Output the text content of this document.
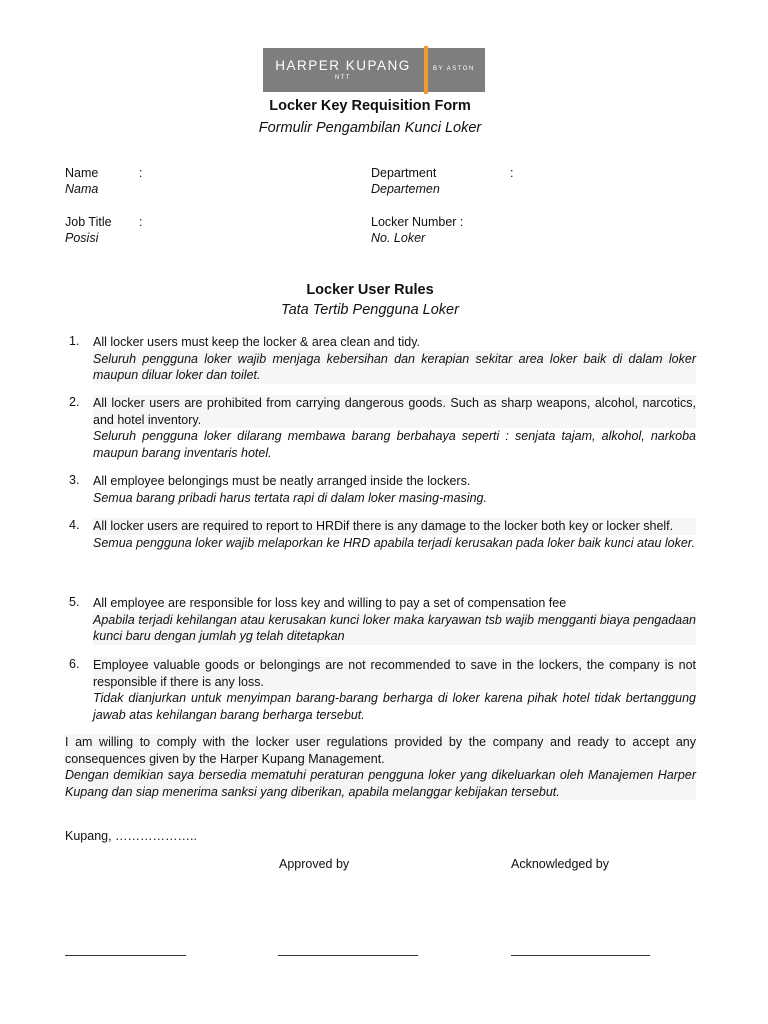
HARPER KUPANG
NTT
BY ASTON
Locker Key Requisition Form
Formulir Pengambilan Kunci Loker
Name	:
Nama
Department	:
Departemen
Job Title :
Posisi
Locker Number :
No. Loker
Locker User Rules
Tata Tertib Pengguna Loker
1.	All locker users must keep the locker & area clean and tidy.
Seluruh pengguna loker wajib menjaga kebersihan dan kerapian sekitar area loker baik di dalam loker maupun diluar loker dan toilet.
2.	All locker users are prohibited from carrying dangerous goods. Such as sharp weapons, alcohol, narcotics, and hotel inventory.
Seluruh pengguna loker dilarang membawa barang berbahaya seperti : senjata tajam, alkohol, narkoba maupun barang inventaris hotel.
3.	All employee belongings must be neatly arranged inside the lockers.
Semua barang pribadi harus tertata rapi di dalam loker masing-masing.
4.	All locker users are required to report to HRDif there is any damage to the locker both key or locker shelf.
Semua pengguna loker wajib melaporkan ke HRD apabila terjadi kerusakan pada loker baik kunci atau loker.
5.	All employee are responsible for loss key and willing to pay a set of compensation fee
Apabila terjadi kehilangan atau kerusakan kunci loker maka karyawan tsb wajib mengganti biaya pengadaan kunci baru dengan jumlah yg telah ditetapkan
6.	Employee valuable goods or belongings are not recommended to save in the lockers, the company is not responsible if there is any loss.
Tidak dianjurkan untuk menyimpan barang-barang berharga di loker karena pihak hotel tidak bertanggung jawab atas kehilangan barang berharga tersebut.
I am willing to comply with the locker user regulations provided by the company and ready to accept any consequences given by the Harper Kupang Management.
Dengan demikian saya bersedia mematuhi peraturan pengguna loker yang dikeluarkan oleh Manajemen Harper Kupang dan siap menerima sanksi yang diberikan, apabila melanggar kebijakan tersebut.
Kupang, ………………..
Approved by	Acknowledged by
